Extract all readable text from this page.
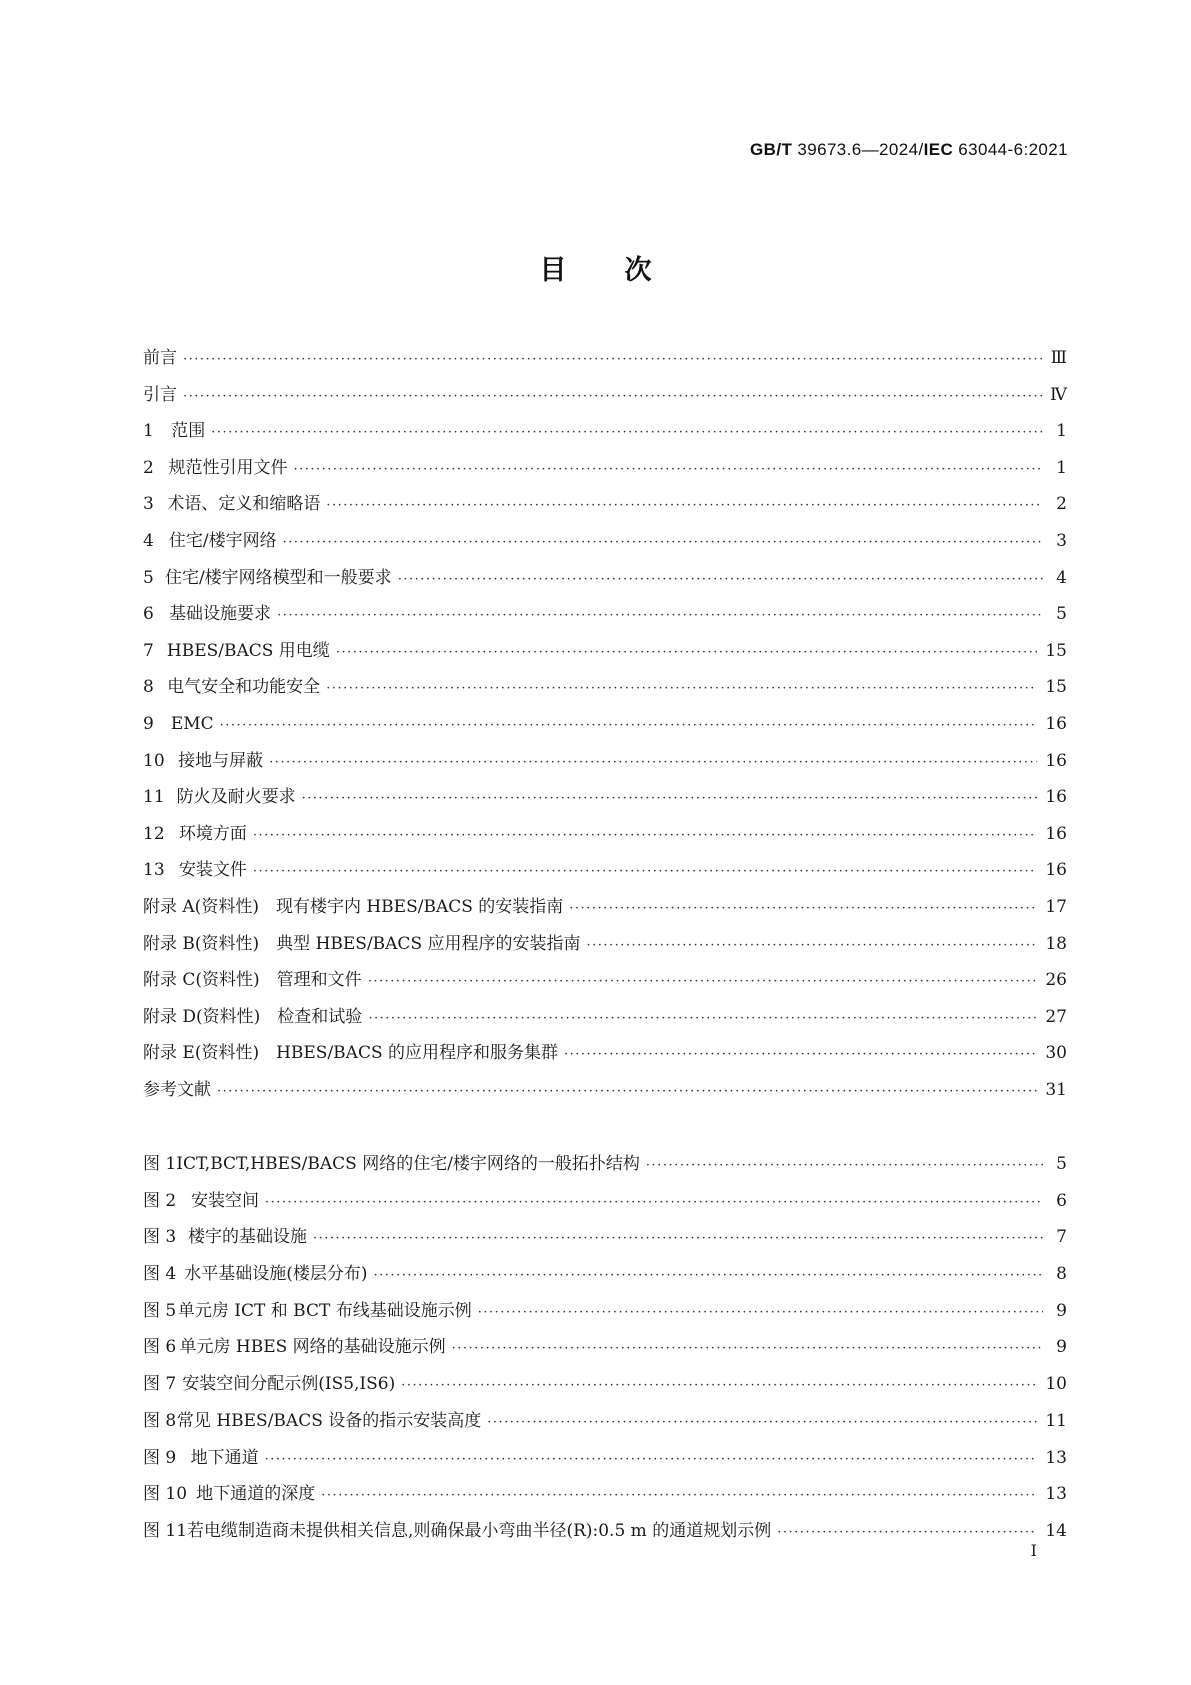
GB/T 39673.6—2024/IEC 63044-6:2021
目次
前言 ·····	Ⅲ
引言 ·····	Ⅳ
1	范围 ·····	1
2 规范性引用文件 ·····	1
3 术语、定义和缩略语 ·····	2
4 住宅/楼宇网络 ·····	3
5 住宅/楼宇网络模型和一般要求 ·····	4
6 基础设施要求 ·····	5
7 HBES/BACS 用电缆 ·····	15
8 电气安全和功能安全 ·····	15
9 EMC ·····	16
10 接地与屏蔽 ·····	16
11 防火及耐火要求 ·····	16
12 环境方面 ·····	16
13 安装文件 ·····	16
附录 A(资料性)　现有楼宇内 HBES/BACS 的安装指南 ·····	17
附录 B(资料性)　典型 HBES/BACS 应用程序的安装指南 ·····	18
附录 C(资料性)　管理和文件 ·····	26
附录 D(资料性)　检查和试验 ·····	27
附录 E(资料性)　HBES/BACS 的应用程序和服务集群 ·····	30
参考文献 ·····	31
图 1 ICT,BCT,HBES/BACS 网络的住宅/楼宇网络的一般拓扑结构 ·····	5
图 2 安装空间 ·····	6
图 3 楼宇的基础设施 ·····	7
图 4 水平基础设施(楼层分布) ·····	8
图 5 单元房 ICT 和 BCT 布线基础设施示例 ·····	9
图 6 单元房 HBES 网络的基础设施示例 ·····	9
图 7 安装空间分配示例(IS5,IS6) ·····	10
图 8 常见 HBES/BACS 设备的指示安装高度 ·····	11
图 9 地下通道 ·····	13
图 10 地下通道的深度 ·····	13
图 11 若电缆制造商未提供相关信息,则确保最小弯曲半径(R):0.5 m 的通道规划示例 ·····	14
I
